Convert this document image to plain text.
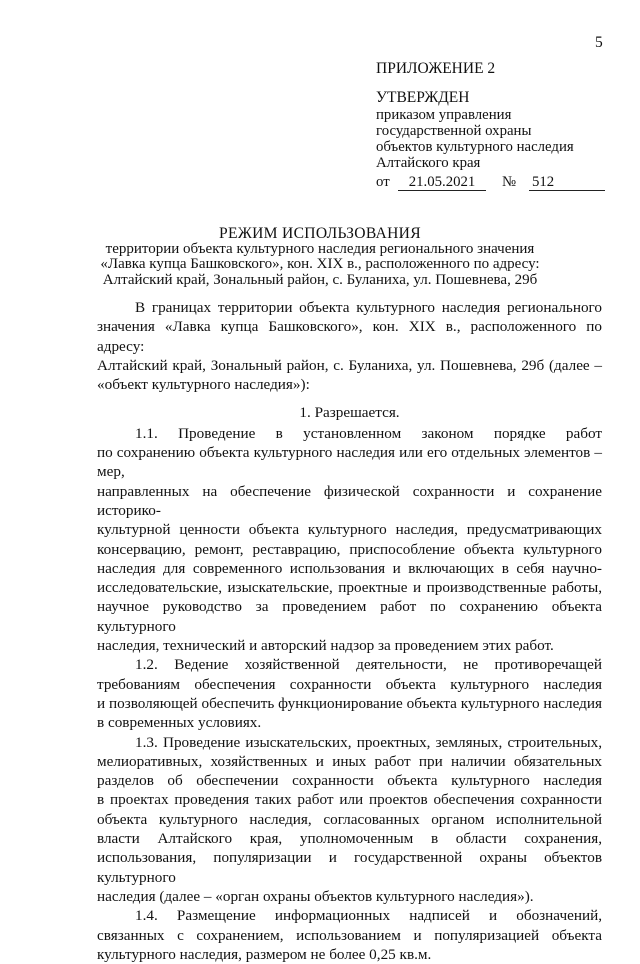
5
ПРИЛОЖЕНИЕ 2
УТВЕРЖДЕН
приказом управления
государственной охраны
объектов культурного наследия
Алтайского края
от	21.05.2021	№ 512
РЕЖИМ ИСПОЛЬЗОВАНИЯ
территории объекта культурного наследия регионального значения
«Лавка купца Башковского», кон. XIX в., расположенного по адресу:
Алтайский край, Зональный район, с. Буланиха, ул. Пошевнева, 29б

В границах территории объекта культурного наследия регионального
значения «Лавка купца Башковского», кон. XIX в., расположенного по адресу:
Алтайский край, Зональный район, с. Буланиха, ул. Пошевнева, 29б (далее –
«объект культурного наследия»):

1. Разрешается.

1.1. Проведение в установленном законом порядке работ
по сохранению объекта культурного наследия или его отдельных элементов – мер,
направленных на обеспечение физической сохранности и сохранение историко-
культурной ценности объекта культурного наследия, предусматривающих
консервацию, ремонт, реставрацию, приспособление объекта культурного
наследия для современного использования и включающих в себя научно-
исследовательские, изыскательские, проектные и производственные работы,
научное руководство за проведением работ по сохранению объекта культурного
наследия, технический и авторский надзор за проведением этих работ.

1.2. Ведение хозяйственной деятельности, не противоречащей
требованиям обеспечения сохранности объекта культурного наследия
и позволяющей обеспечить функционирование объекта культурного наследия
в современных условиях.

1.3. Проведение изыскательских, проектных, земляных, строительных,
мелиоративных, хозяйственных и иных работ при наличии обязательных
разделов об обеспечении сохранности объекта культурного наследия
в проектах проведения таких работ или проектов обеспечения сохранности
объекта культурного наследия, согласованных органом исполнительной
власти Алтайского края, уполномоченным в области сохранения,
использования, популяризации и государственной охраны объектов культурного
наследия (далее – «орган охраны объектов культурного наследия»).

1.4. Размещение информационных надписей и обозначений,
связанных с сохранением, использованием и популяризацией объекта
культурного наследия, размером не более 0,25 кв.м.
